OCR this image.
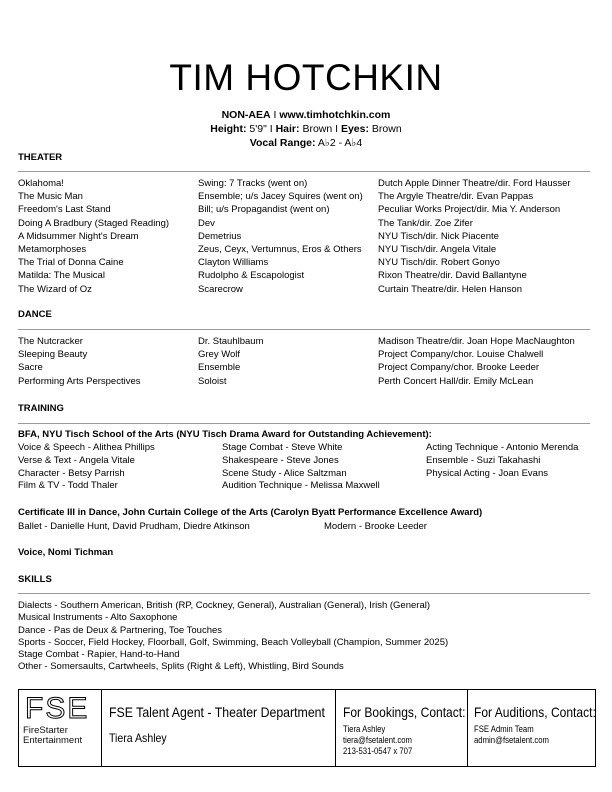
TIM HOTCHKIN
NON-AEA I www.timhotchkin.com
Height: 5'9" I Hair: Brown I Eyes: Brown
Vocal Range: A♭2 - A♭4
THEATER
Oklahoma!	Swing: 7 Tracks (went on)	Dutch Apple Dinner Theatre/dir. Ford Hausser
The Music Man	Ensemble; u/s Jacey Squires (went on)	The Argyle Theatre/dir. Evan Pappas
Freedom's Last Stand	Bill; u/s Propagandist (went on)	Peculiar Works Project/dir. Mia Y. Anderson
Doing A Bradbury (Staged Reading)	Dev	The Tank/dir. Zoe Zifer
A Midsummer Night's Dream	Demetrius	NYU Tisch/dir. Nick Piacente
Metamorphoses	Zeus, Ceyx, Vertumnus, Eros & Others	NYU Tisch/dir. Angela Vitale
The Trial of Donna Caine	Clayton Williams	NYU Tisch/dir. Robert Gonyo
Matilda: The Musical	Rudolpho & Escapologist	Rixon Theatre/dir. David Ballantyne
The Wizard of Oz	Scarecrow	Curtain Theatre/dir. Helen Hanson
DANCE
The Nutcracker	Dr. Stauhlbaum	Madison Theatre/dir. Joan Hope MacNaughton
Sleeping Beauty	Grey Wolf	Project Company/chor. Louise Chalwell
Sacre	Ensemble	Project Company/chor. Brooke Leeder
Performing Arts Perspectives	Soloist	Perth Concert Hall/dir. Emily McLean
TRAINING
BFA, NYU Tisch School of the Arts (NYU Tisch Drama Award for Outstanding Achievement):
Voice & Speech - Alithea Phillips	Stage Combat - Steve White	Acting Technique - Antonio Merenda
Verse & Text - Angela Vitale	Shakespeare - Steve Jones	Ensemble - Suzi Takahashi
Character - Betsy Parrish	Scene Study - Alice Saltzman	Physical Acting - Joan Evans
Film & TV - Todd Thaler	Audition Technique - Melissa Maxwell
Certificate III in Dance, John Curtain College of the Arts (Carolyn Byatt Performance Excellence Award)
Ballet - Danielle Hunt, David Prudham, Diedre Atkinson	Modern - Brooke Leeder
Voice, Nomi Tichman
SKILLS
Dialects - Southern American, British (RP, Cockney, General), Australian (General), Irish (General)
Musical Instruments - Alto Saxophone
Dance - Pas de Deux & Partnering, Toe Touches
Sports - Soccer, Field Hockey, Floorball, Golf, Swimming, Beach Volleyball (Champion, Summer 2025)
Stage Combat - Rapier, Hand-to-Hand
Other - Somersaults, Cartwheels, Splits (Right & Left), Whistling, Bird Sounds
FSE
FireStarter
Entertainment
FSE Talent Agent - Theater Department
Tiera Ashley
For Bookings, Contact:
Tiera Ashley
tiera@fsetalent.com
213-531-0547 x 707
For Auditions, Contact:
FSE Admin Team
admin@fsetalent.com
